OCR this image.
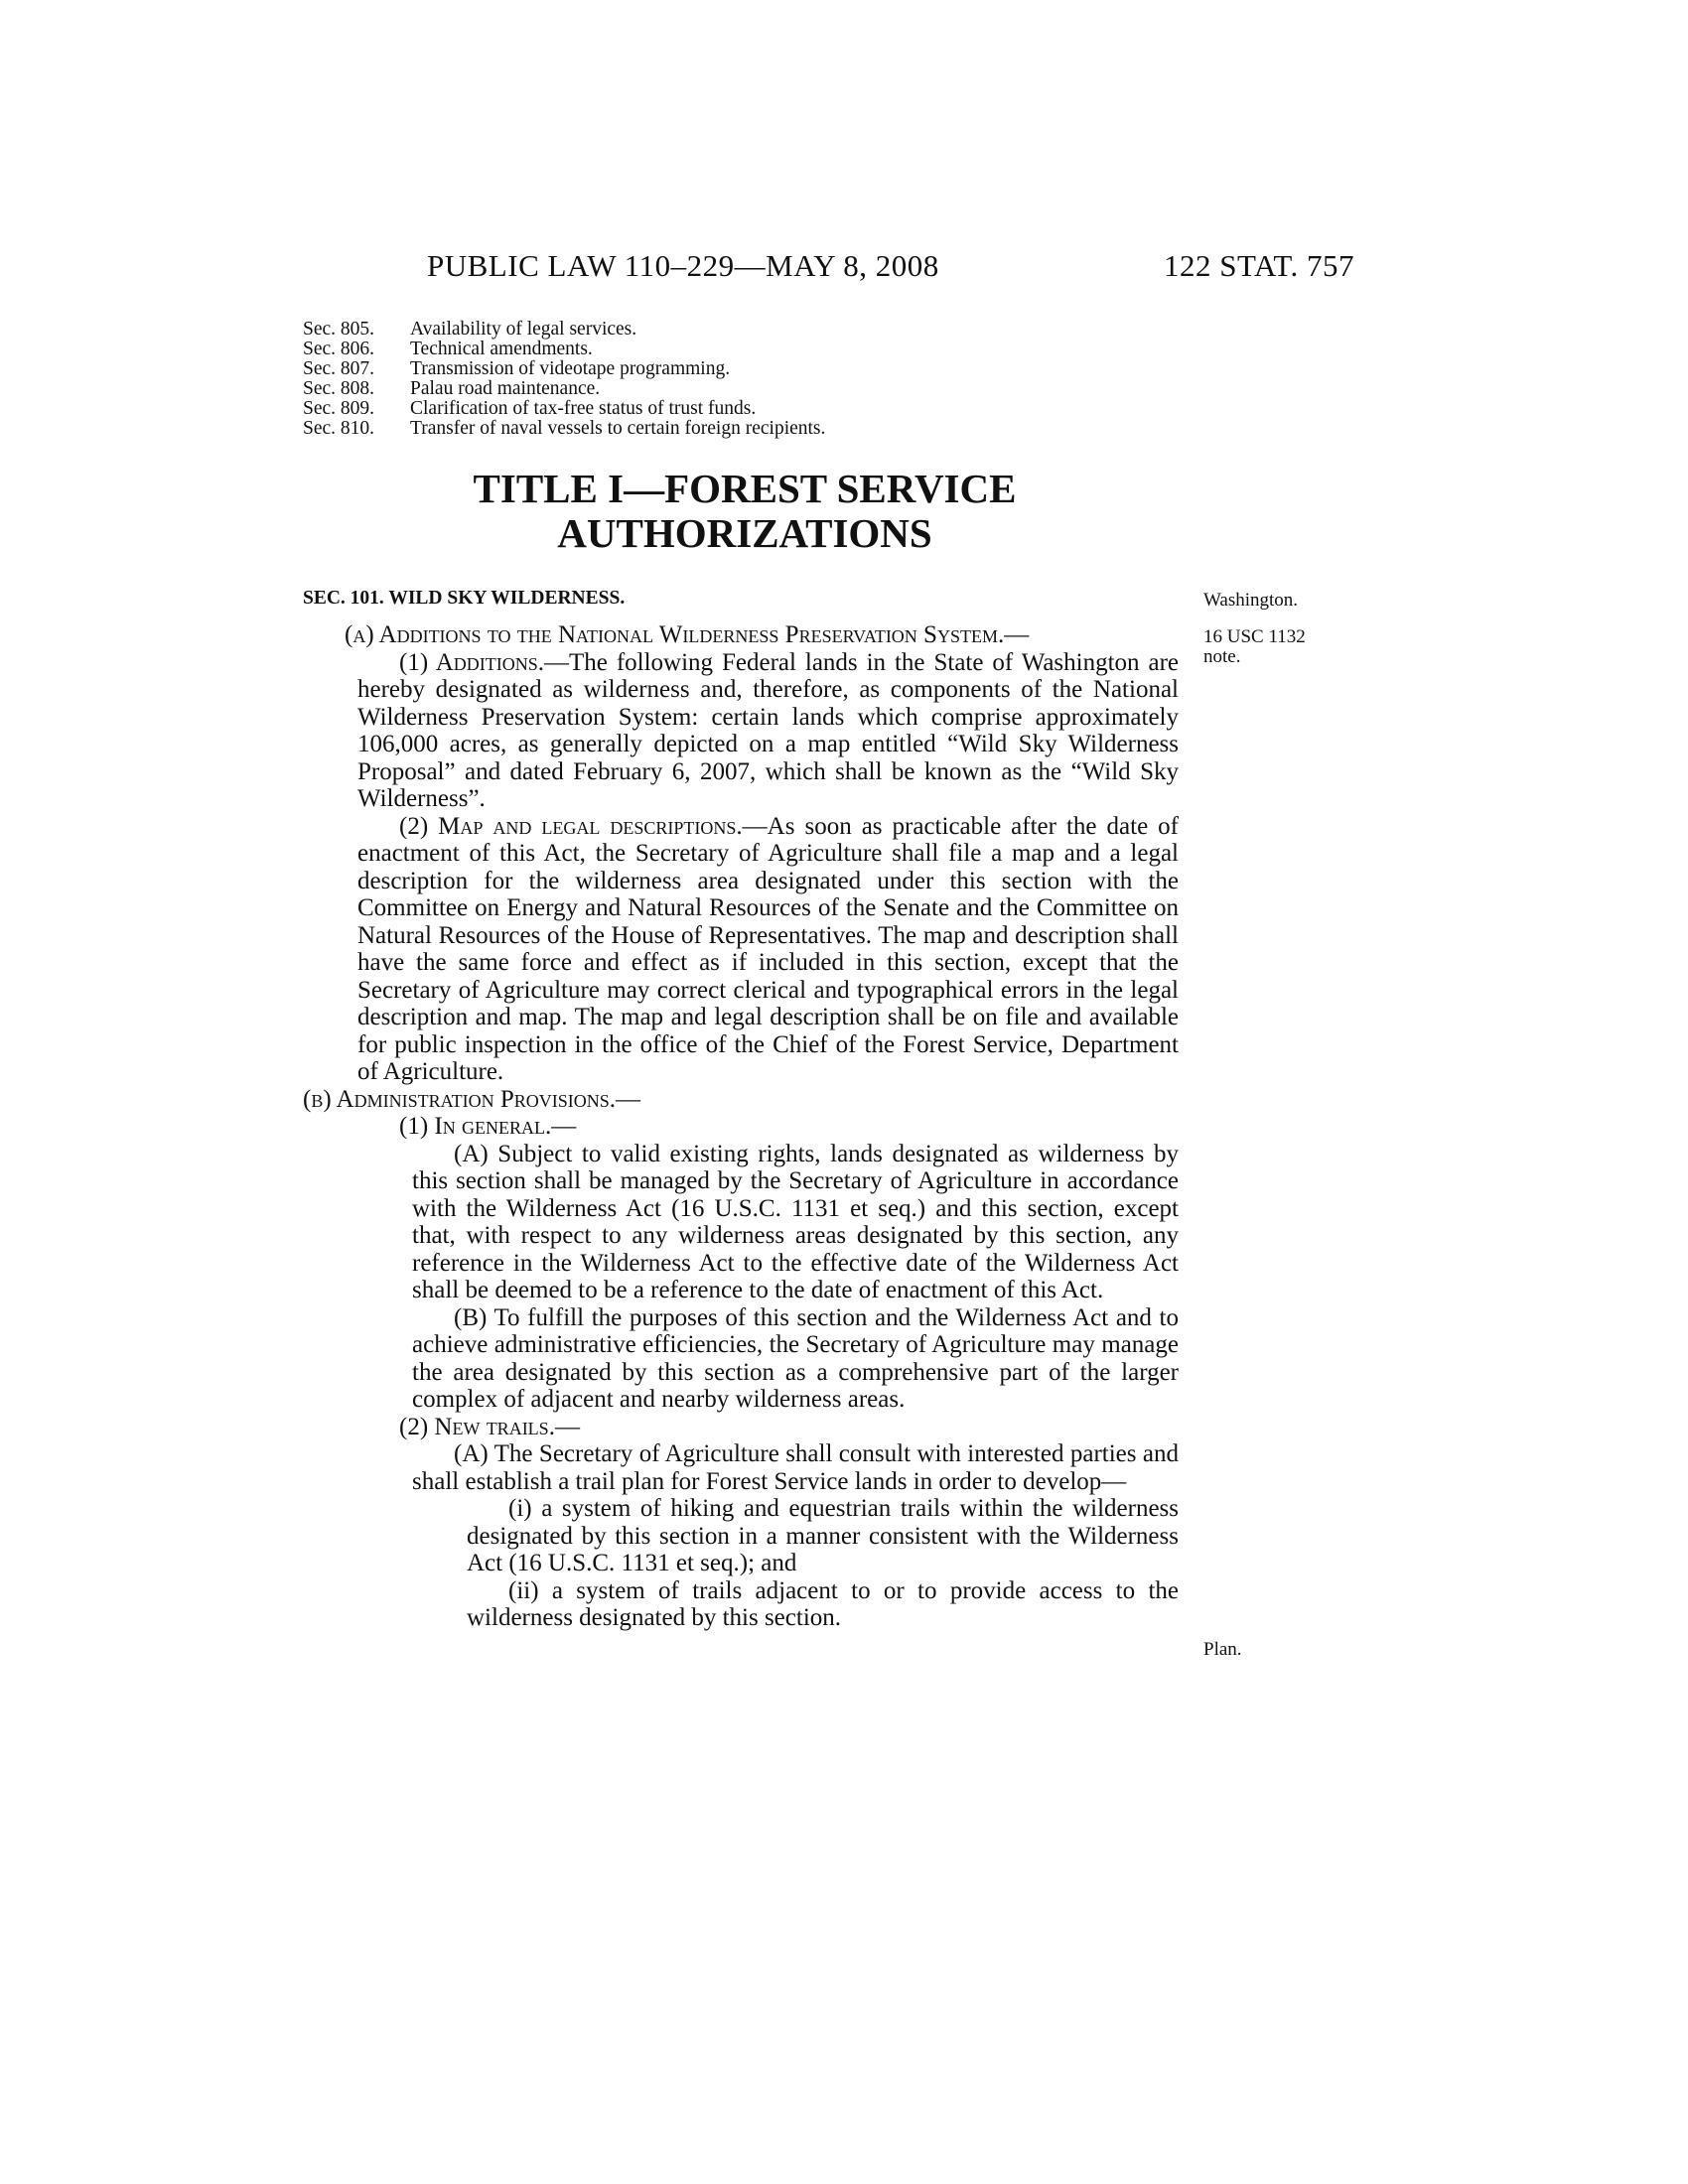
PUBLIC LAW 110–229—MAY 8, 2008	122 STAT. 757
Sec. 805. Availability of legal services.
Sec. 806. Technical amendments.
Sec. 807. Transmission of videotape programming.
Sec. 808. Palau road maintenance.
Sec. 809. Clarification of tax-free status of trust funds.
Sec. 810. Transfer of naval vessels to certain foreign recipients.
TITLE I—FOREST SERVICE
AUTHORIZATIONS
SEC. 101. WILD SKY WILDERNESS.	Washington.
16 USC 1132
note.
Plan.

(a) Additions to the National Wilderness Preservation System.—

(1) Additions.—The following Federal lands in the State of Washington are hereby designated as wilderness and, therefore, as components of the National Wilderness Preservation System: certain lands which comprise approximately 106,000 acres, as generally depicted on a map entitled “Wild Sky Wilderness Proposal” and dated February 6, 2007, which shall be known as the “Wild Sky Wilderness”.

(2) Map and legal descriptions.—As soon as practicable after the date of enactment of this Act, the Secretary of Agriculture shall file a map and a legal description for the wilderness area designated under this section with the Committee on Energy and Natural Resources of the Senate and the Committee on Natural Resources of the House of Representatives. The map and description shall have the same force and effect as if included in this section, except that the Secretary of Agriculture may correct clerical and typographical errors in the legal description and map. The map and legal description shall be on file and available for public inspection in the office of the Chief of the Forest Service, Department of Agriculture.

(b) Administration Provisions.—

(1) In general.—

(A) Subject to valid existing rights, lands designated as wilderness by this section shall be managed by the Secretary of Agriculture in accordance with the Wilderness Act (16 U.S.C. 1131 et seq.) and this section, except that, with respect to any wilderness areas designated by this section, any reference in the Wilderness Act to the effective date of the Wilderness Act shall be deemed to be a reference to the date of enactment of this Act.

(B) To fulfill the purposes of this section and the Wilderness Act and to achieve administrative efficiencies, the Secretary of Agriculture may manage the area designated by this section as a comprehensive part of the larger complex of adjacent and nearby wilderness areas.

(2) New trails.—

(A) The Secretary of Agriculture shall consult with interested parties and shall establish a trail plan for Forest Service lands in order to develop—

(i) a system of hiking and equestrian trails within the wilderness designated by this section in a manner consistent with the Wilderness Act (16 U.S.C. 1131 et seq.); and

(ii) a system of trails adjacent to or to provide access to the wilderness designated by this section.
